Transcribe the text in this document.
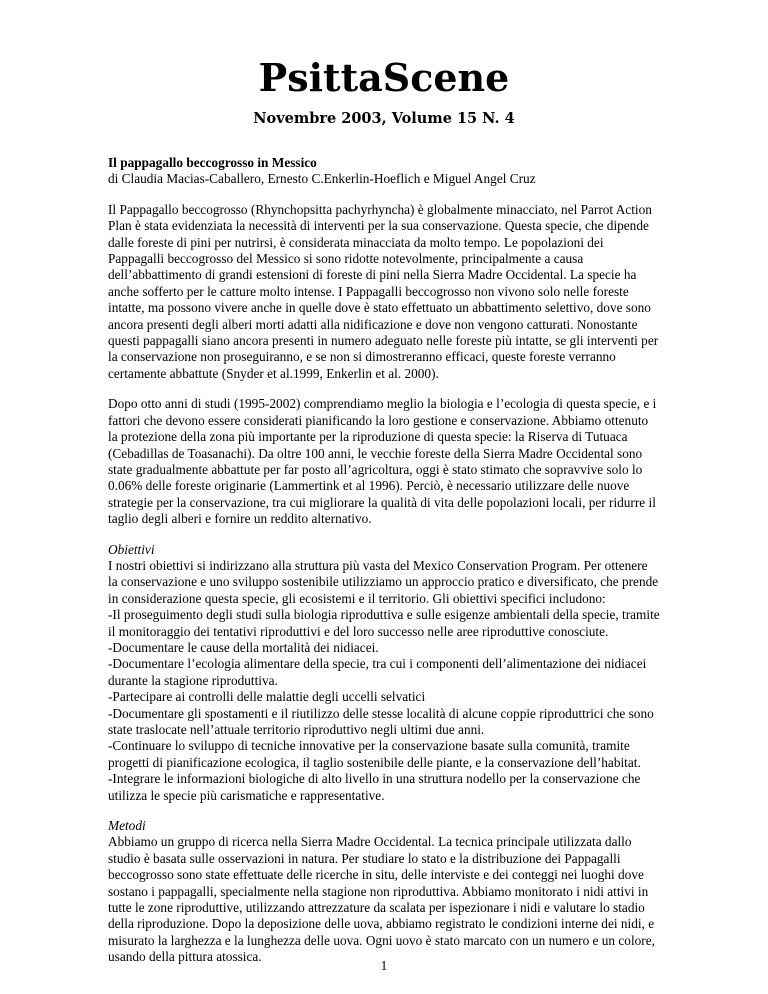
PsittaScene
Novembre 2003, Volume 15 N. 4

Il pappagallo beccogrosso in Messico
di Claudia Macias-Caballero, Ernesto C.Enkerlin-Hoeflich e Miguel Angel Cruz

Il Pappagallo beccogrosso (Rhynchopsitta pachyrhyncha) è globalmente minacciato, nel Parrot Action Plan è stata evidenziata la necessità di interventi per la sua conservazione. Questa specie, che dipende dalle foreste di pini per nutrirsi, è considerata minacciata da molto tempo. Le popolazioni dei Pappagalli beccogrosso del Messico si sono ridotte notevolmente, principalmente a causa dell’abbattimento di grandi estensioni di foreste di pini nella Sierra Madre Occidental. La specie ha anche sofferto per le catture molto intense. I Pappagalli beccogrosso non vivono solo nelle foreste intatte, ma possono vivere anche in quelle dove è stato effettuato un abbattimento selettivo, dove sono ancora presenti degli alberi morti adatti alla nidificazione e dove non vengono catturati. Nonostante questi pappagalli siano ancora presenti in numero adeguato nelle foreste più intatte, se gli interventi per la conservazione non proseguiranno, e se non si dimostreranno efficaci, queste foreste verranno certamente abbattute (Snyder et al.1999, Enkerlin et al. 2000).

Dopo otto anni di studi (1995-2002) comprendiamo meglio la biologia e l’ecologia di questa specie, e i fattori che devono essere considerati pianificando la loro gestione e conservazione. Abbiamo ottenuto la protezione della zona più importante per la riproduzione di questa specie: la Riserva di Tutuaca (Cebadillas de Toasanachi). Da oltre 100 anni, le vecchie foreste della Sierra Madre Occidental sono state gradualmente abbattute per far posto all’agricoltura, oggi è stato stimato che sopravvive solo lo 0.06% delle foreste originarie (Lammertink et al 1996). Perciò, è necessario utilizzare delle nuove strategie per la conservazione, tra cui migliorare la qualità di vita delle popolazioni locali, per ridurre il taglio degli alberi e fornire un reddito alternativo.

Obiettivi
I nostri obiettivi si indirizzano alla struttura più vasta del Mexico Conservation Program. Per ottenere la conservazione e uno sviluppo sostenibile utilizziamo un approccio pratico e diversificato, che prende in considerazione questa specie, gli ecosistemi e il territorio. Gli obiettivi specifici includono:
-Il proseguimento degli studi sulla biologia riproduttiva e sulle esigenze ambientali della specie, tramite il monitoraggio dei tentativi riproduttivi e del loro successo nelle aree riproduttive conosciute.
-Documentare le cause della mortalità dei nidiacei.
-Documentare l’ecologia alimentare della specie, tra cui i componenti dell’alimentazione dei nidiacei durante la stagione riproduttiva.
-Partecipare ai controlli delle malattie degli uccelli selvatici
-Documentare gli spostamenti e il riutilizzo delle stesse località di alcune coppie riproduttrici che sono state traslocate nell’attuale territorio riproduttivo negli ultimi due anni.
-Continuare lo sviluppo di tecniche innovative per la conservazione basate sulla comunità, tramite progetti di pianificazione ecologica, il taglio sostenibile delle piante, e la conservazione dell’habitat.
-Integrare le informazioni biologiche di alto livello in una struttura nodello per la conservazione che utilizza le specie più carismatiche e rappresentative.

Metodi
Abbiamo un gruppo di ricerca nella Sierra Madre Occidental. La tecnica principale utilizzata dallo studio è basata sulle osservazioni in natura. Per studiare lo stato e la distribuzione dei Pappagalli beccogrosso sono state effettuate delle ricerche in situ, delle interviste e dei conteggi nei luoghi dove sostano i pappagalli, specialmente nella stagione non riproduttiva. Abbiamo monitorato i nidi attivi in tutte le zone riproduttive, utilizzando attrezzature da scalata per ispezionare i nidi e valutare lo stadio della riproduzione. Dopo la deposizione delle uova, abbiamo registrato le condizioni interne dei nidi, e misurato la larghezza e la lunghezza delle uova. Ogni uovo è stato marcato con un numero e un colore, usando della pittura atossica.

1
